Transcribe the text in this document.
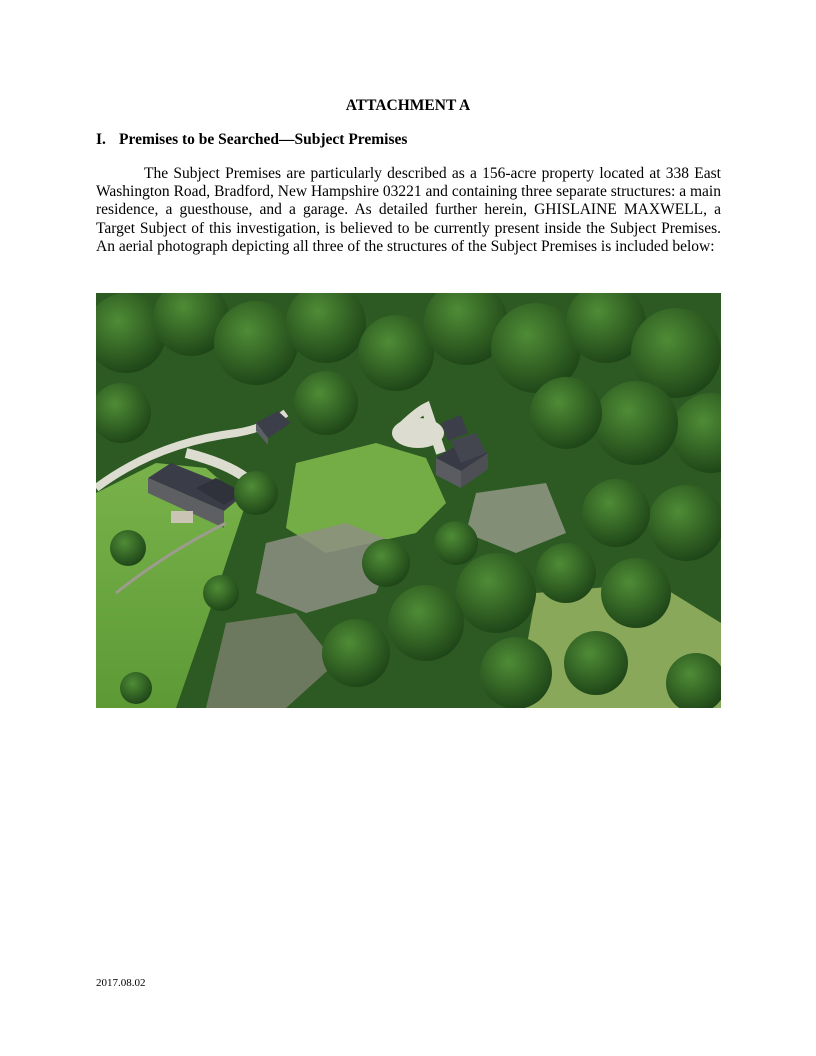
ATTACHMENT A
I. Premises to be Searched—Subject Premises

The Subject Premises are particularly described as a 156-acre property located at 338 East Washington Road, Bradford, New Hampshire 03221 and containing three separate structures: a main residence, a guesthouse, and a garage. As detailed further herein, GHISLAINE MAXWELL, a Target Subject of this investigation, is believed to be currently present inside the Subject Premises. An aerial photograph depicting all three of the structures of the Subject Premises is included below:

2017.08.02
